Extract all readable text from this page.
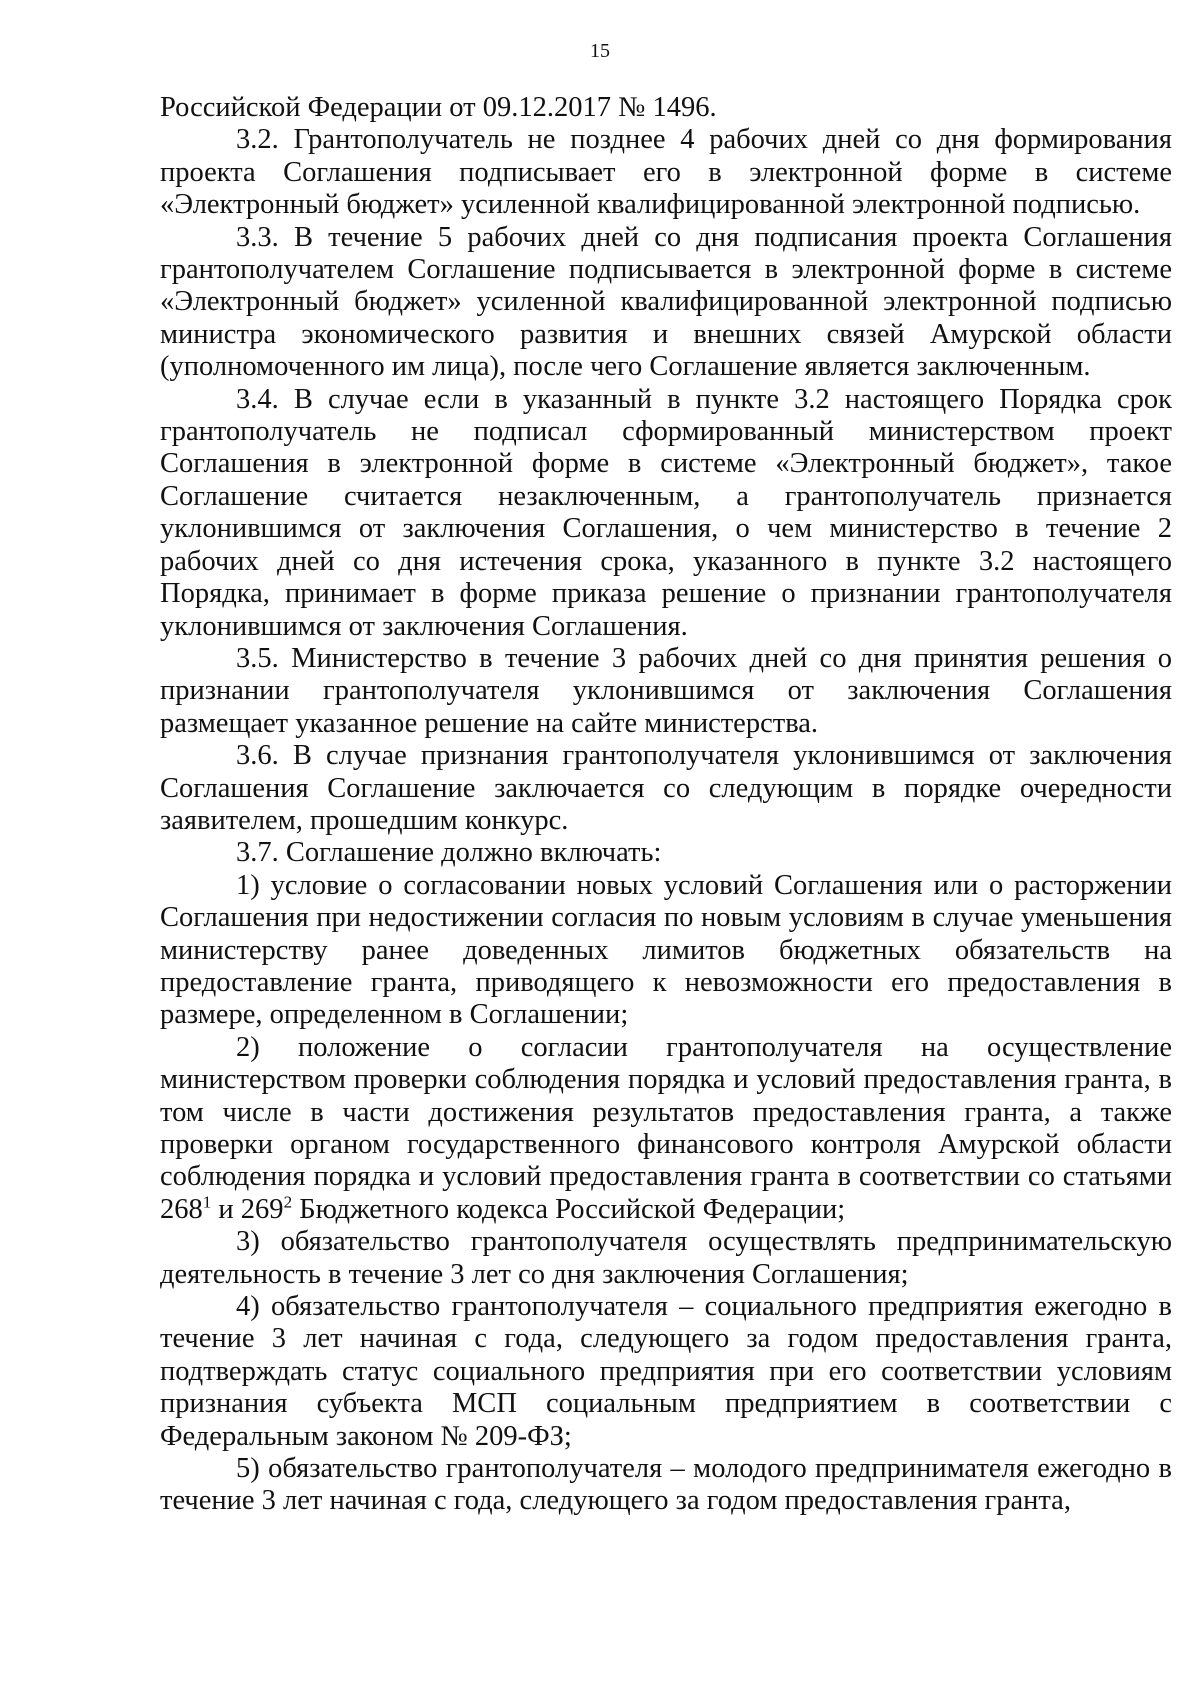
15

Российской Федерации от 09.12.2017 № 1496.

3.2. Грантополучатель не позднее 4 рабочих дней со дня формирования проекта Соглашения подписывает его в электронной форме в системе «Электронный бюджет» усиленной квалифицированной электронной подписью.

3.3. В течение 5 рабочих дней со дня подписания проекта Соглашения грантополучателем Соглашение подписывается в электронной форме в системе «Электронный бюджет» усиленной квалифицированной электронной подписью министра экономического развития и внешних связей Амурской области (уполномоченного им лица), после чего Соглашение является заключенным.

3.4. В случае если в указанный в пункте 3.2 настоящего Порядка срок грантополучатель не подписал сформированный министерством проект Соглашения в электронной форме в системе «Электронный бюджет», такое Соглашение считается незаключенным, а грантополучатель признается уклонившимся от заключения Соглашения, о чем министерство в течение 2 рабочих дней со дня истечения срока, указанного в пункте 3.2 настоящего Порядка, принимает в форме приказа решение о признании грантополучателя уклонившимся от заключения Соглашения.

3.5. Министерство в течение 3 рабочих дней со дня принятия решения о признании грантополучателя уклонившимся от заключения Соглашения размещает указанное решение на сайте министерства.

3.6. В случае признания грантополучателя уклонившимся от заключения Соглашения Соглашение заключается со следующим в порядке очередности заявителем, прошедшим конкурс.

3.7. Соглашение должно включать:

1) условие о согласовании новых условий Соглашения или о расторжении Соглашения при недостижении согласия по новым условиям в случае уменьшения министерству ранее доведенных лимитов бюджетных обязательств на предоставление гранта, приводящего к невозможности его предоставления в размере, определенном в Соглашении;

2) положение о согласии грантополучателя на осуществление министерством проверки соблюдения порядка и условий предоставления гранта, в том числе в части достижения результатов предоставления гранта, а также проверки органом государственного финансового контроля Амурской области соблюдения порядка и условий предоставления гранта в соответствии со статьями $268^1$ и $269^2$ Бюджетного кодекса Российской Федерации;

3) обязательство грантополучателя осуществлять предпринимательскую деятельность в течение 3 лет со дня заключения Соглашения;

4) обязательство грантополучателя – социального предприятия ежегодно в течение 3 лет начиная с года, следующего за годом предоставления гранта, подтверждать статус социального предприятия при его соответствии условиям признания субъекта МСП социальным предприятием в соответствии с Федеральным законом № 209-ФЗ;

5) обязательство грантополучателя – молодого предпринимателя ежегодно в течение 3 лет начиная с года, следующего за годом предоставления гранта,
